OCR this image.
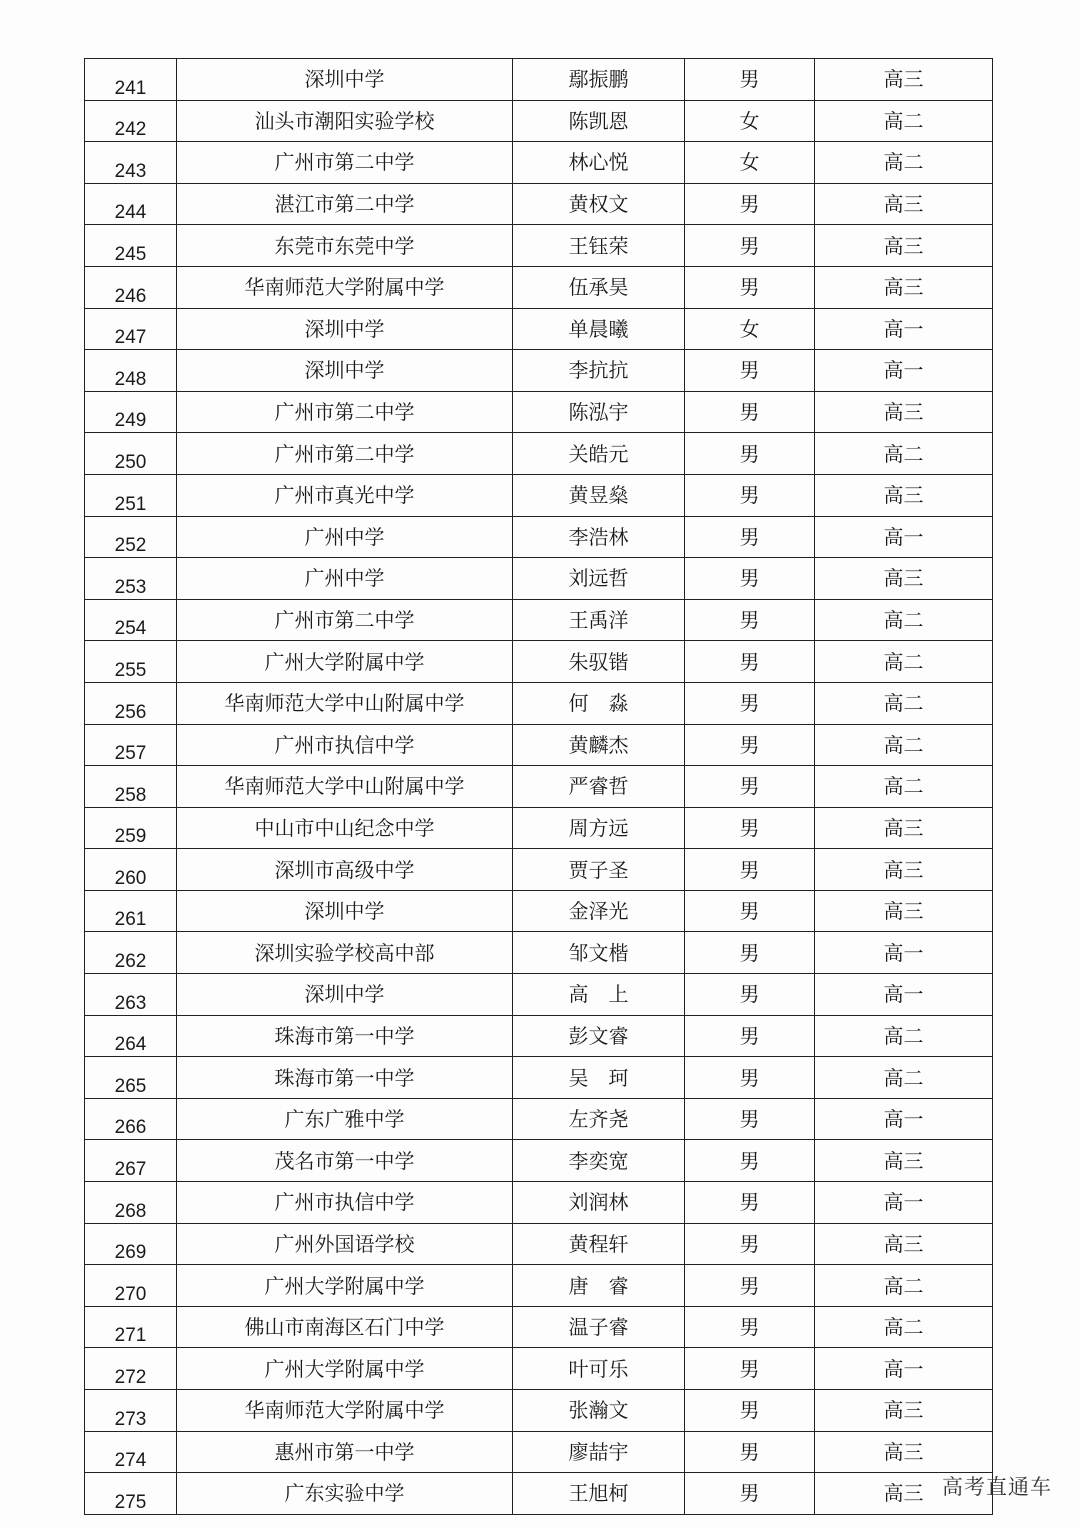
241	深圳中学	鄢振鹏	男	高三
242	汕头市潮阳实验学校	陈凯恩	女	高二
243	广州市第二中学	林心悦	女	高二
244	湛江市第二中学	黄权文	男	高三
245	东莞市东莞中学	王钰荣	男	高三
246	华南师范大学附属中学	伍承昊	男	高三
247	深圳中学	单晨曦	女	高一
248	深圳中学	李抗抗	男	高一
249	广州市第二中学	陈泓宇	男	高三
250	广州市第二中学	关皓元	男	高二
251	广州市真光中学	黄昱燊	男	高三
252	广州中学	李浩林	男	高一
253	广州中学	刘远哲	男	高三
254	广州市第二中学	王禹洋	男	高二
255	广州大学附属中学	朱驭锴	男	高二
256	华南师范大学中山附属中学	何　淼	男	高二
257	广州市执信中学	黄麟杰	男	高二
258	华南师范大学中山附属中学	严睿哲	男	高二
259	中山市中山纪念中学	周方远	男	高三
260	深圳市高级中学	贾子圣	男	高三
261	深圳中学	金泽光	男	高三
262	深圳实验学校高中部	邹文楷	男	高一
263	深圳中学	高　上	男	高一
264	珠海市第一中学	彭文睿	男	高二
265	珠海市第一中学	吴　珂	男	高二
266	广东广雅中学	左齐尧	男	高一
267	茂名市第一中学	李奕宽	男	高三
268	广州市执信中学	刘润林	男	高一
269	广州外国语学校	黄程轩	男	高三
270	广州大学附属中学	唐　睿	男	高二
271	佛山市南海区石门中学	温子睿	男	高二
272	广州大学附属中学	叶可乐	男	高一
273	华南师范大学附属中学	张瀚文	男	高三
274	惠州市第一中学	廖喆宇	男	高三
275	广东实验中学	王旭柯	男	高三 高考直通车
